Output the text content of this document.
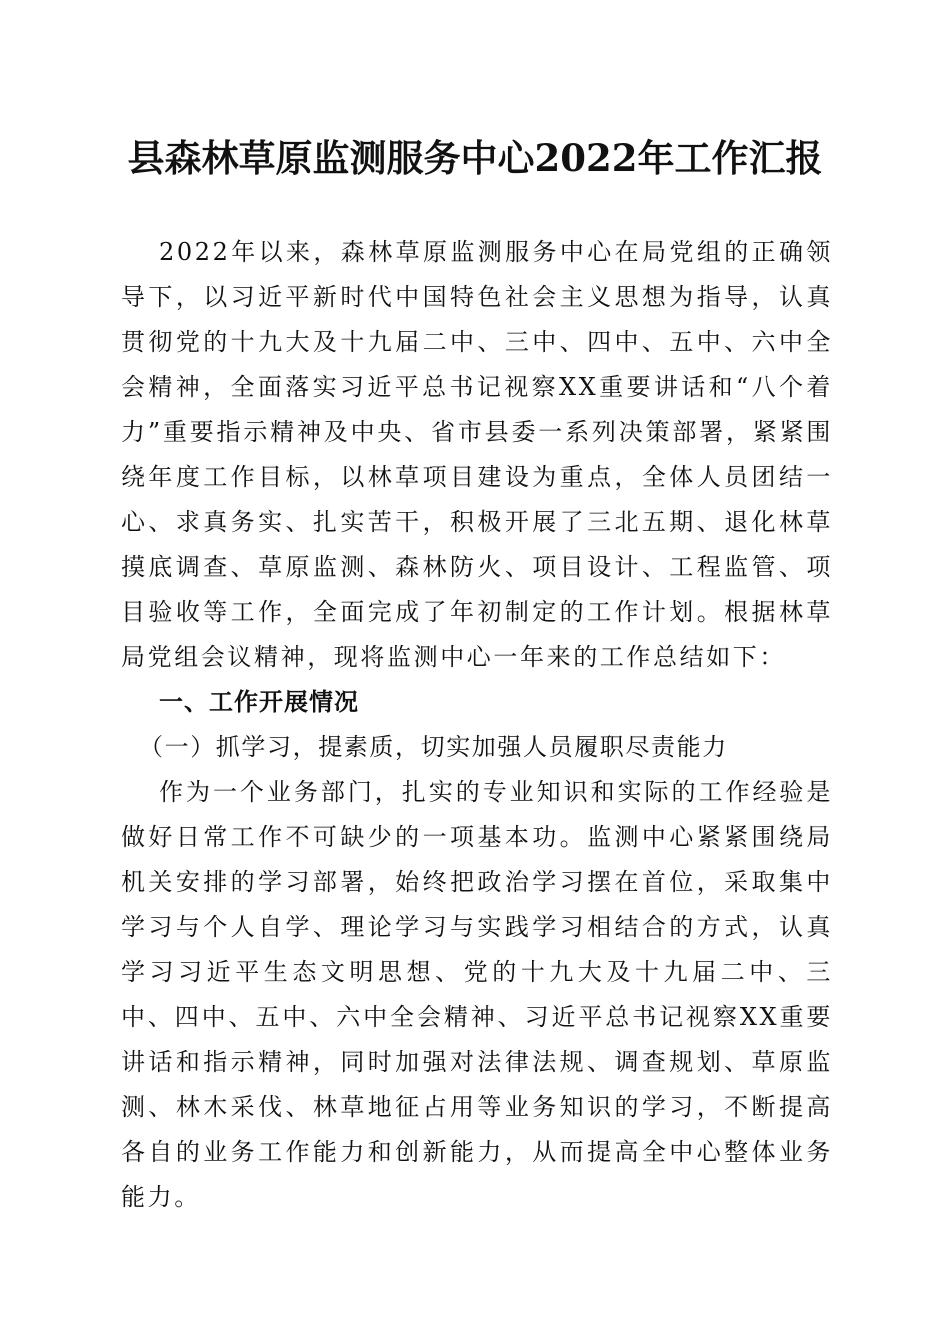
县森林草原监测服务中心2022年工作汇报

2022年以来，森林草原监测服务中心在局党组的正确领导下，以习近平新时代中国特色社会主义思想为指导，认真贯彻党的十九大及十九届二中、三中、四中、五中、六中全会精神，全面落实习近平总书记视察XX重要讲话和“八个着力”重要指示精神及中央、省市县委一系列决策部署，紧紧围绕年度工作目标，以林草项目建设为重点，全体人员团结一心、求真务实、扎实苦干，积极开展了三北五期、退化林草摸底调查、草原监测、森林防火、项目设计、工程监管、项目验收等工作，全面完成了年初制定的工作计划。根据林草局党组会议精神，现将监测中心一年来的工作总结如下：

一、工作开展情况

（一）抓学习，提素质，切实加强人员履职尽责能力

作为一个业务部门，扎实的专业知识和实际的工作经验是做好日常工作不可缺少的一项基本功。监测中心紧紧围绕局机关安排的学习部署，始终把政治学习摆在首位，采取集中学习与个人自学、理论学习与实践学习相结合的方式，认真学习习近平生态文明思想、党的十九大及十九届二中、三中、四中、五中、六中全会精神、习近平总书记视察XX重要讲话和指示精神，同时加强对法律法规、调查规划、草原监测、林木采伐、林草地征占用等业务知识的学习，不断提高各自的业务工作能力和创新能力，从而提高全中心整体业务能力。
